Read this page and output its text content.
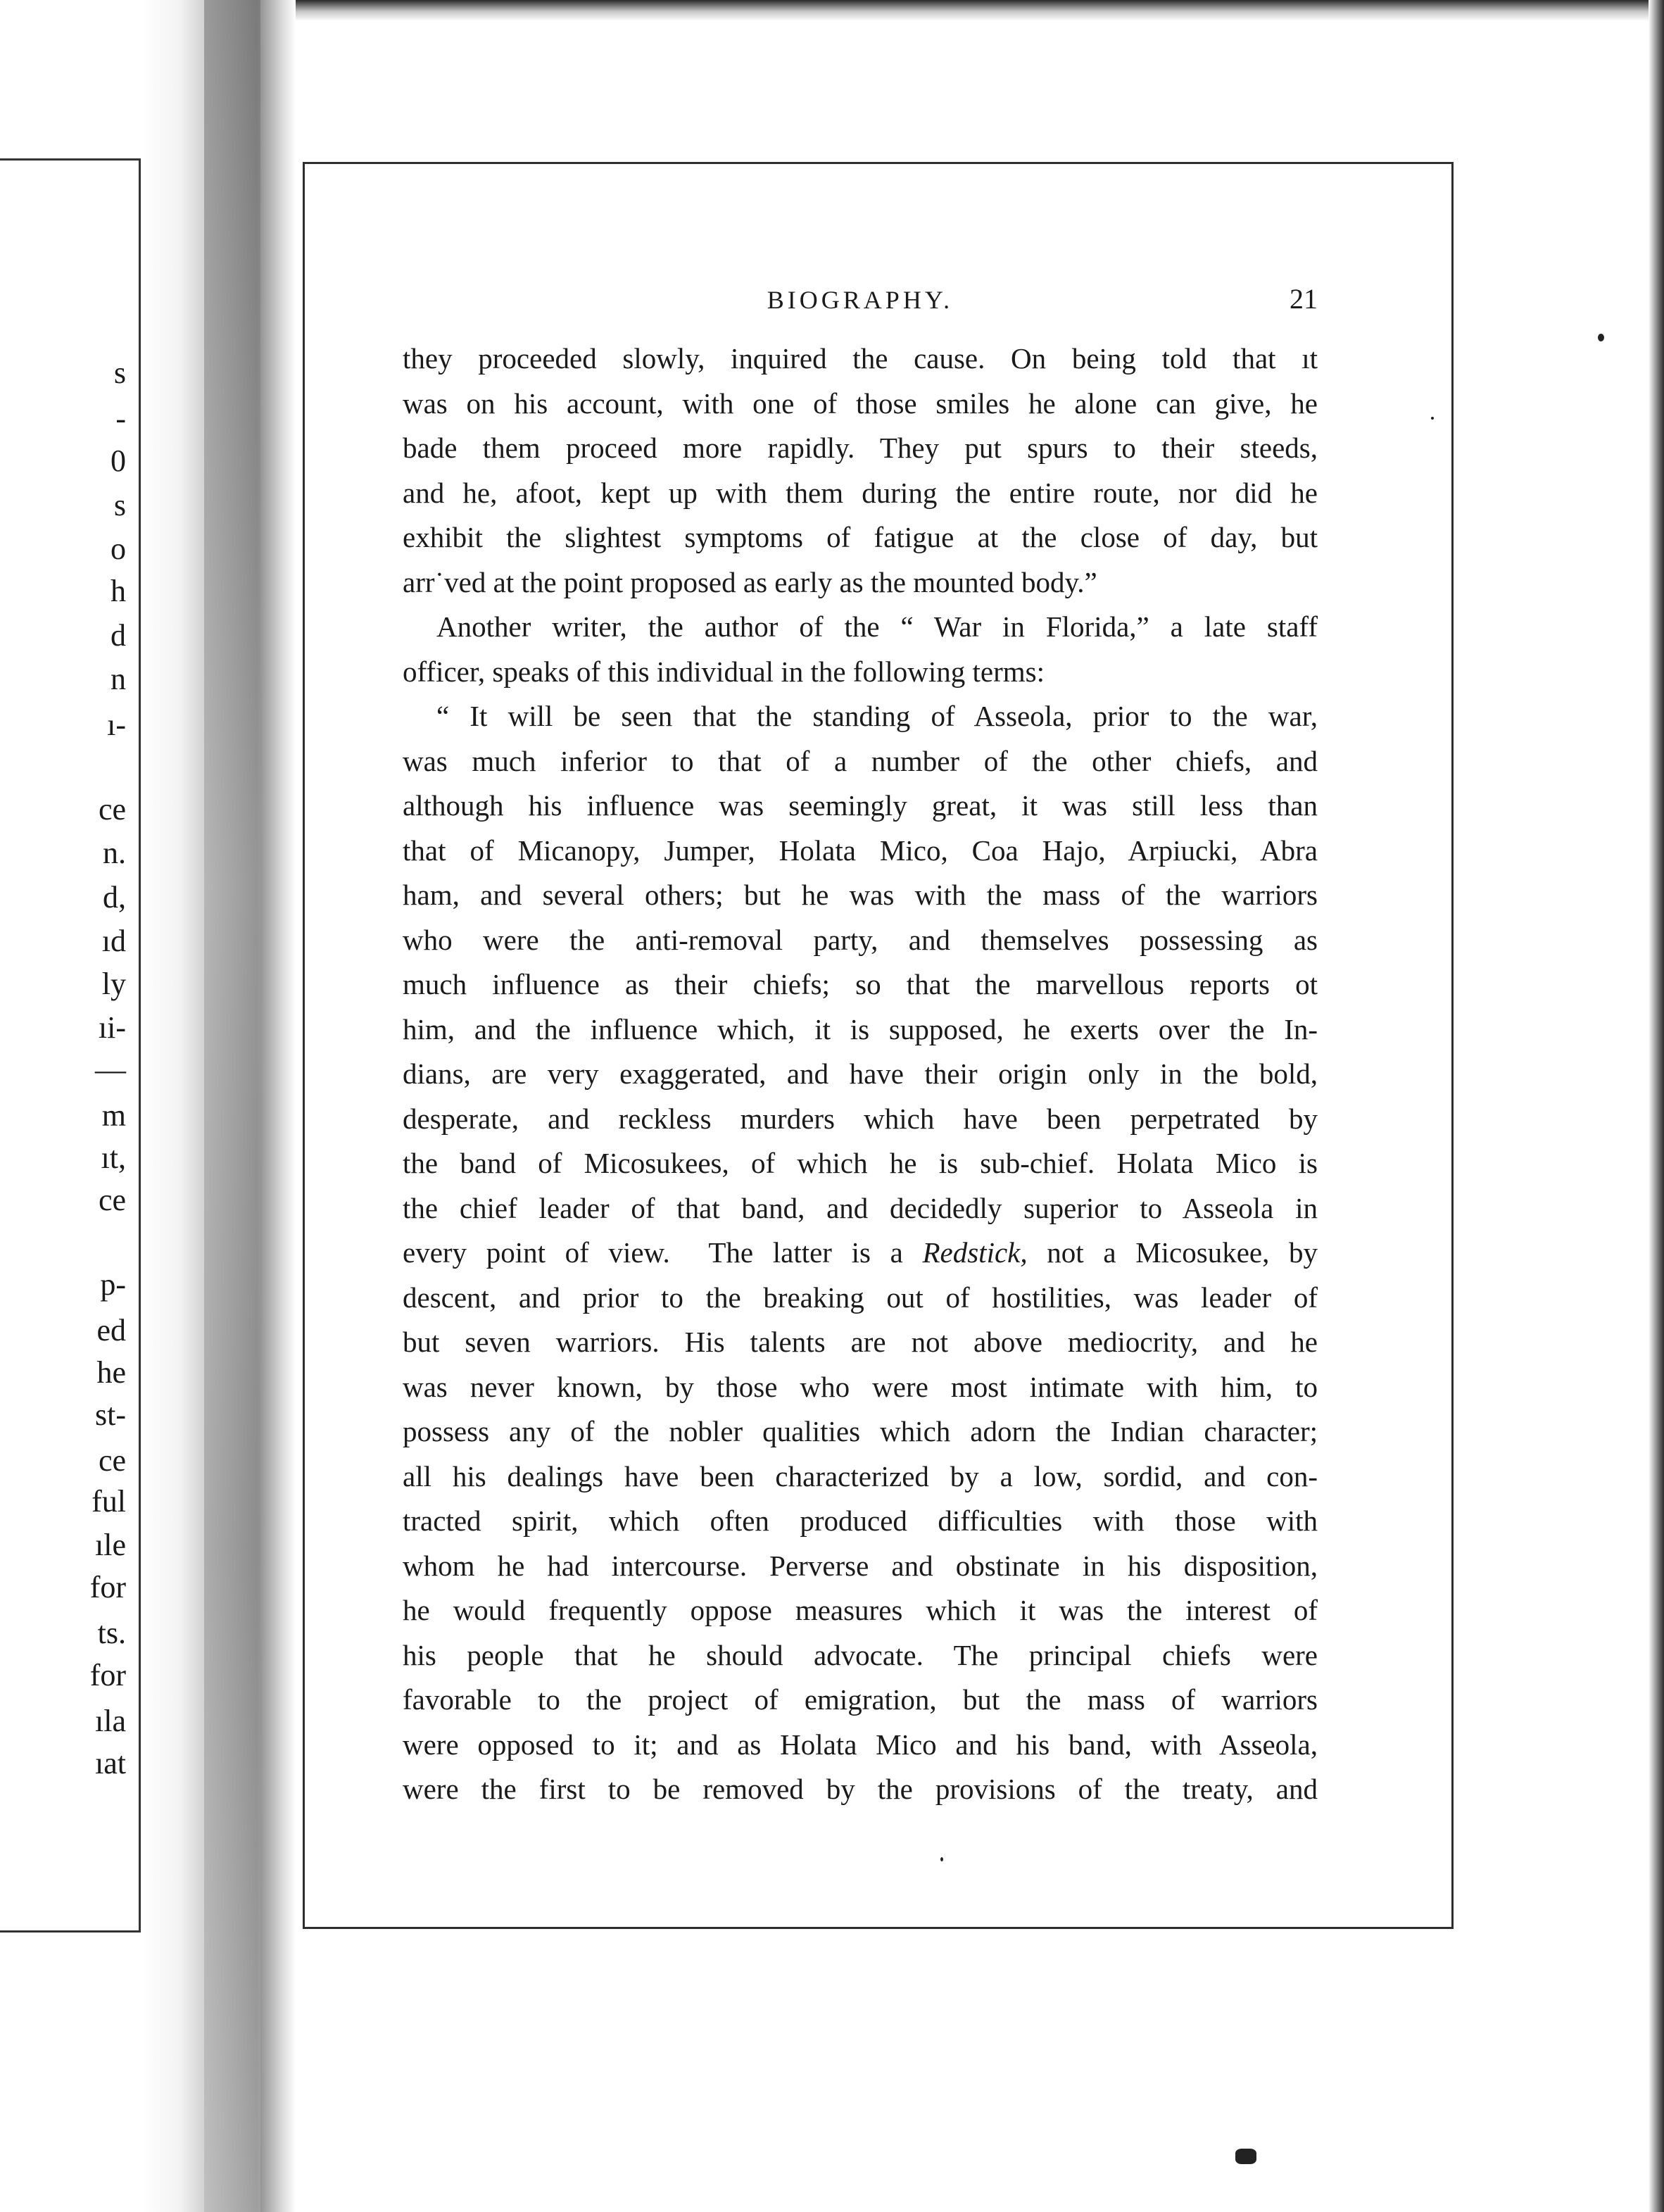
s
-
0
s
o
h
d
n
ı-
ce
n.
d,
ıd
ly
ıi-
—
m
ıt,
ce
p-
ed
he
st-
ce
ful
ıle
for
ts.
for
ıla
ıat
BIOGRAPHY.	21
they proceeded slowly, inquired the cause. On being told that ıt
was on his account, with one of those smiles he alone can give, he
bade them proceed more rapidly. They put spurs to their steeds,
and he, afoot, kept up with them during the entire route, nor did he
exhibit the slightest symptoms of fatigue at the close of day, but
arr˙ved at the point proposed as early as the mounted body.”
Another writer, the author of the “ War in Florida,” a late staff
officer, speaks of this individual in the following terms:
“ It will be seen that the standing of Asseola, prior to the war,
was much inferior to that of a number of the other chiefs, and
although his influence was seemingly great, it was still less than
that of Micanopy, Jumper, Holata Mico, Coa Hajo, Arpiucki, Abra
ham, and several others; but he was with the mass of the warriors
who were the anti-removal party, and themselves possessing as
much influence as their chiefs; so that the marvellous reports ot
him, and the influence which, it is supposed, he exerts over the In-
dians, are very exaggerated, and have their origin only in the bold,
desperate, and reckless murders which have been perpetrated by
the band of Micosukees, of which he is sub-chief. Holata Mico is
the chief leader of that band, and decidedly superior to Asseola in
every point of view.  The latter is a Redstick, not a Micosukee, by
descent, and prior to the breaking out of hostilities, was leader of
but seven warriors. His talents are not above mediocrity, and he
was never known, by those who were most intimate with him, to
possess any of the nobler qualities which adorn the Indian character;
all his dealings have been characterized by a low, sordid, and con-
tracted spirit, which often produced difficulties with those with
whom he had intercourse. Perverse and obstinate in his disposition,
he would frequently oppose measures which it was the interest of
his people that he should advocate. The principal chiefs were
favorable to the project of emigration, but the mass of warriors
were opposed to it; and as Holata Mico and his band, with Asseola,
were the first to be removed by the provisions of the treaty, and
